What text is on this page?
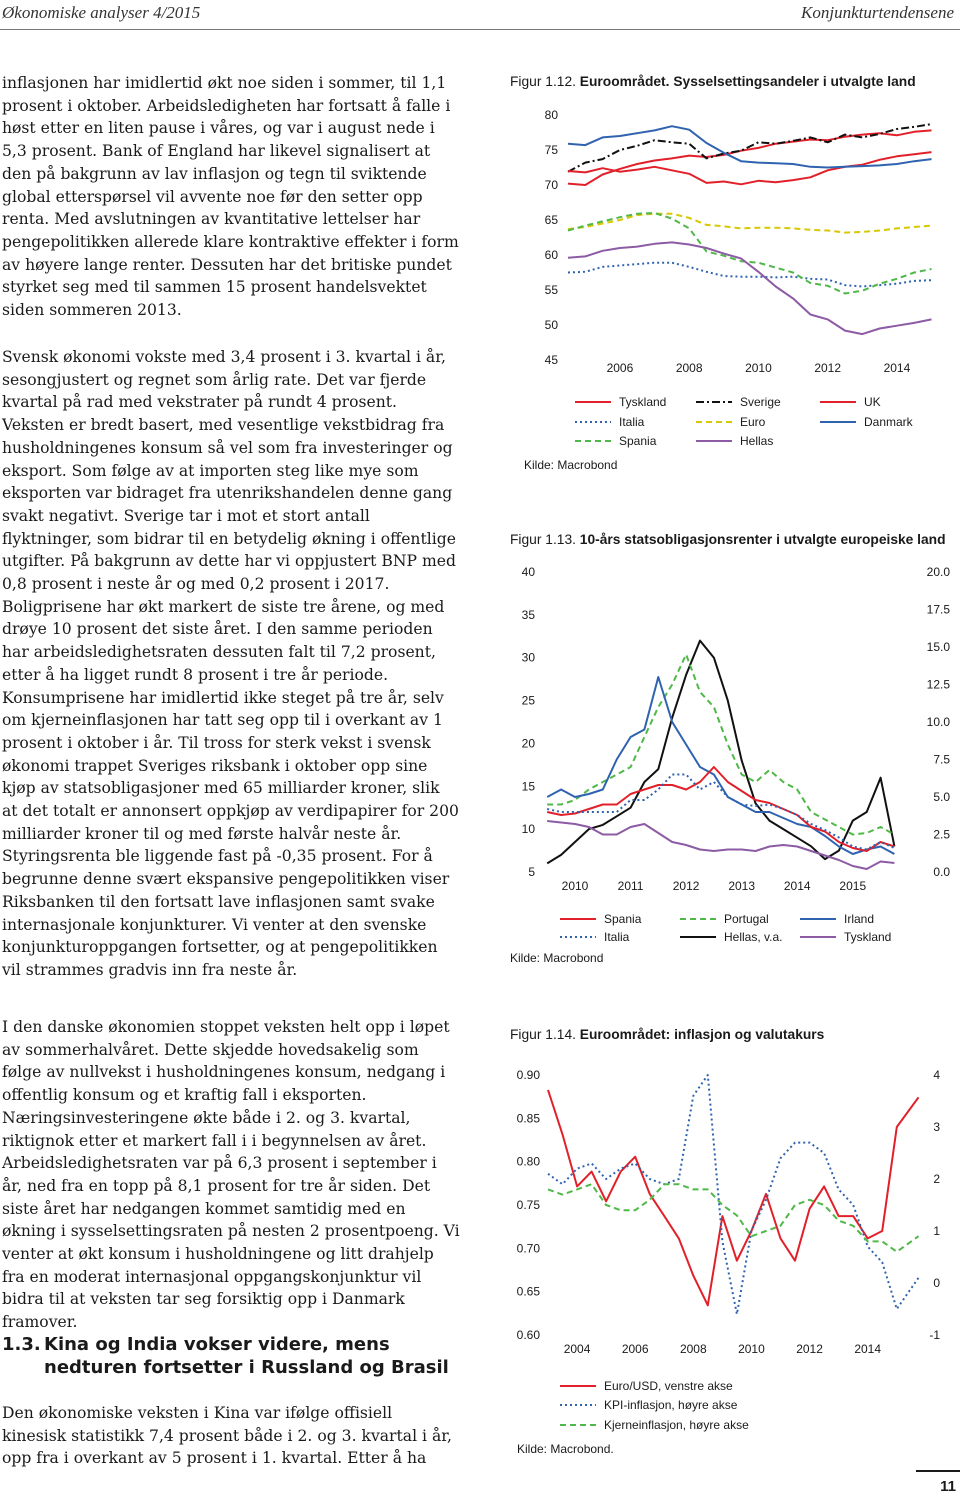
Økonomiske analyser 4/2015	Konjunkturtendensene

inflasjonen har imidlertid økt noe siden i sommer, til 1,1 prosent i oktober. Arbeidsledigheten har fortsatt å falle i høst etter en liten pause i våres, og var i august nede i 5,3 prosent. Bank of England har likevel signalisert at den på bakgrunn av lav inflasjon og tegn til sviktende global etterspørsel vil avvente noe før den setter opp renta. Med avslutningen av kvantitative lettelser har pengepolitikken allerede klare kontraktive effekter i form av høyere lange renter. Dessuten har det britiske pundet styrket seg med til sammen 15 prosent handelsvektet siden sommeren 2013.

Svensk økonomi vokste med 3,4 prosent i 3. kvartal i år, sesongjustert og regnet som årlig rate. Det var fjerde kvartal på rad med vekstrater på rundt 4 prosent. Veksten er bredt basert, med vesentlige vekstbidrag fra husholdningenes konsum så vel som fra investeringer og eksport. Som følge av at importen steg like mye som eksporten var bidraget fra utenrikshandelen denne gang svakt negativt. Sverige tar i mot et stort antall flyktninger, som bidrar til en betydelig økning i offentlige utgifter. På bakgrunn av dette har vi oppjustert BNP med 0,8 prosent i neste år og med 0,2 prosent i 2017. Boligprisene har økt markert de siste tre årene, og med drøye 10 prosent det siste året. I den samme perioden har arbeidsledighetsraten dessuten falt til 7,2 prosent, etter å ha ligget rundt 8 prosent i tre år periode. Konsumprisene har imidlertid ikke steget på tre år, selv om kjerneinflasjonen har tatt seg opp til i overkant av 1 prosent i oktober i år. Til tross for sterk vekst i svensk økonomi trappet Sveriges riksbank i oktober opp sine kjøp av statsobligasjoner med 65 milliarder kroner, slik at det totalt er annonsert oppkjøp av verdipapirer for 200 milliarder kroner til og med første halvår neste år. Styringsrenta ble liggende fast på -0,35 prosent. For å begrunne denne svært ekspansive pengepolitikken viser Riksbanken til den fortsatt lave inflasjonen samt svake internasjonale konjunkturer. Vi venter at den svenske konjunkturoppgangen fortsetter, og at pengepolitikken vil strammes gradvis inn fra neste år.

I den danske økonomien stoppet veksten helt opp i løpet av sommerhalvåret. Dette skjedde hovedsakelig som følge av nullvekst i husholdningenes konsum, nedgang i offentlig konsum og et kraftig fall i eksporten. Næringsinvesteringene økte både i 2. og 3. kvartal, riktignok etter et markert fall i i begynnelsen av året. Arbeidsledighetsraten var på 6,3 prosent i september i år, ned fra en topp på 8,1 prosent for tre år siden. Det siste året har nedgangen kommet samtidig med en økning i sysselsettingsraten på nesten 2 prosentpoeng. Vi venter at økt konsum i husholdningene og litt drahjelp fra en moderat internasjonal oppgangskonjunktur vil bidra til at veksten tar seg forsiktig opp i Danmark framover.

1.3. Kina og India vokser videre, mens nedturen fortsetter i Russland og Brasil

Den økonomiske veksten i Kina var ifølge offisiell kinesisk statistikk 7,4 prosent både i 2. og 3. kvartal i år, opp fra i overkant av 5 prosent i 1. kvartal. Etter å ha

Figur 1.12. Euroområdet. Sysselsettingsandeler i utvalgte land
45
50
55
60
65
70
75
80
2006	2008	2010	2012	2014
Tyskland	Sverige	UK
Italia	Euro	Danmark
Spania	Hellas
Kilde: Macrobond
Figur 1.13. 10-års statsobligasjonsrenter i utvalgte europeiske land
5
10
15
20
25
30
35
40
0.0
2.5
5.0
7.5
10.0
12.5
15.0
17.5
20.0
2010 2011 2012 2013 2014 2015
Spania	Portugal	Irland
Italia	Hellas, v.a.	Tyskland
Kilde: Macrobond
Figur 1.14. Euroområdet: inflasjon og valutakurs
0.60
0.65
0.70
0.75
0.80
0.85
0.90
-1
0
1
2
3
4
2004	2006	2008	2010	2012	2014
Euro/USD, venstre akse
KPI-inflasjon, høyre akse
Kjerneinflasjon, høyre akse
Kilde: Macrobond.
11
